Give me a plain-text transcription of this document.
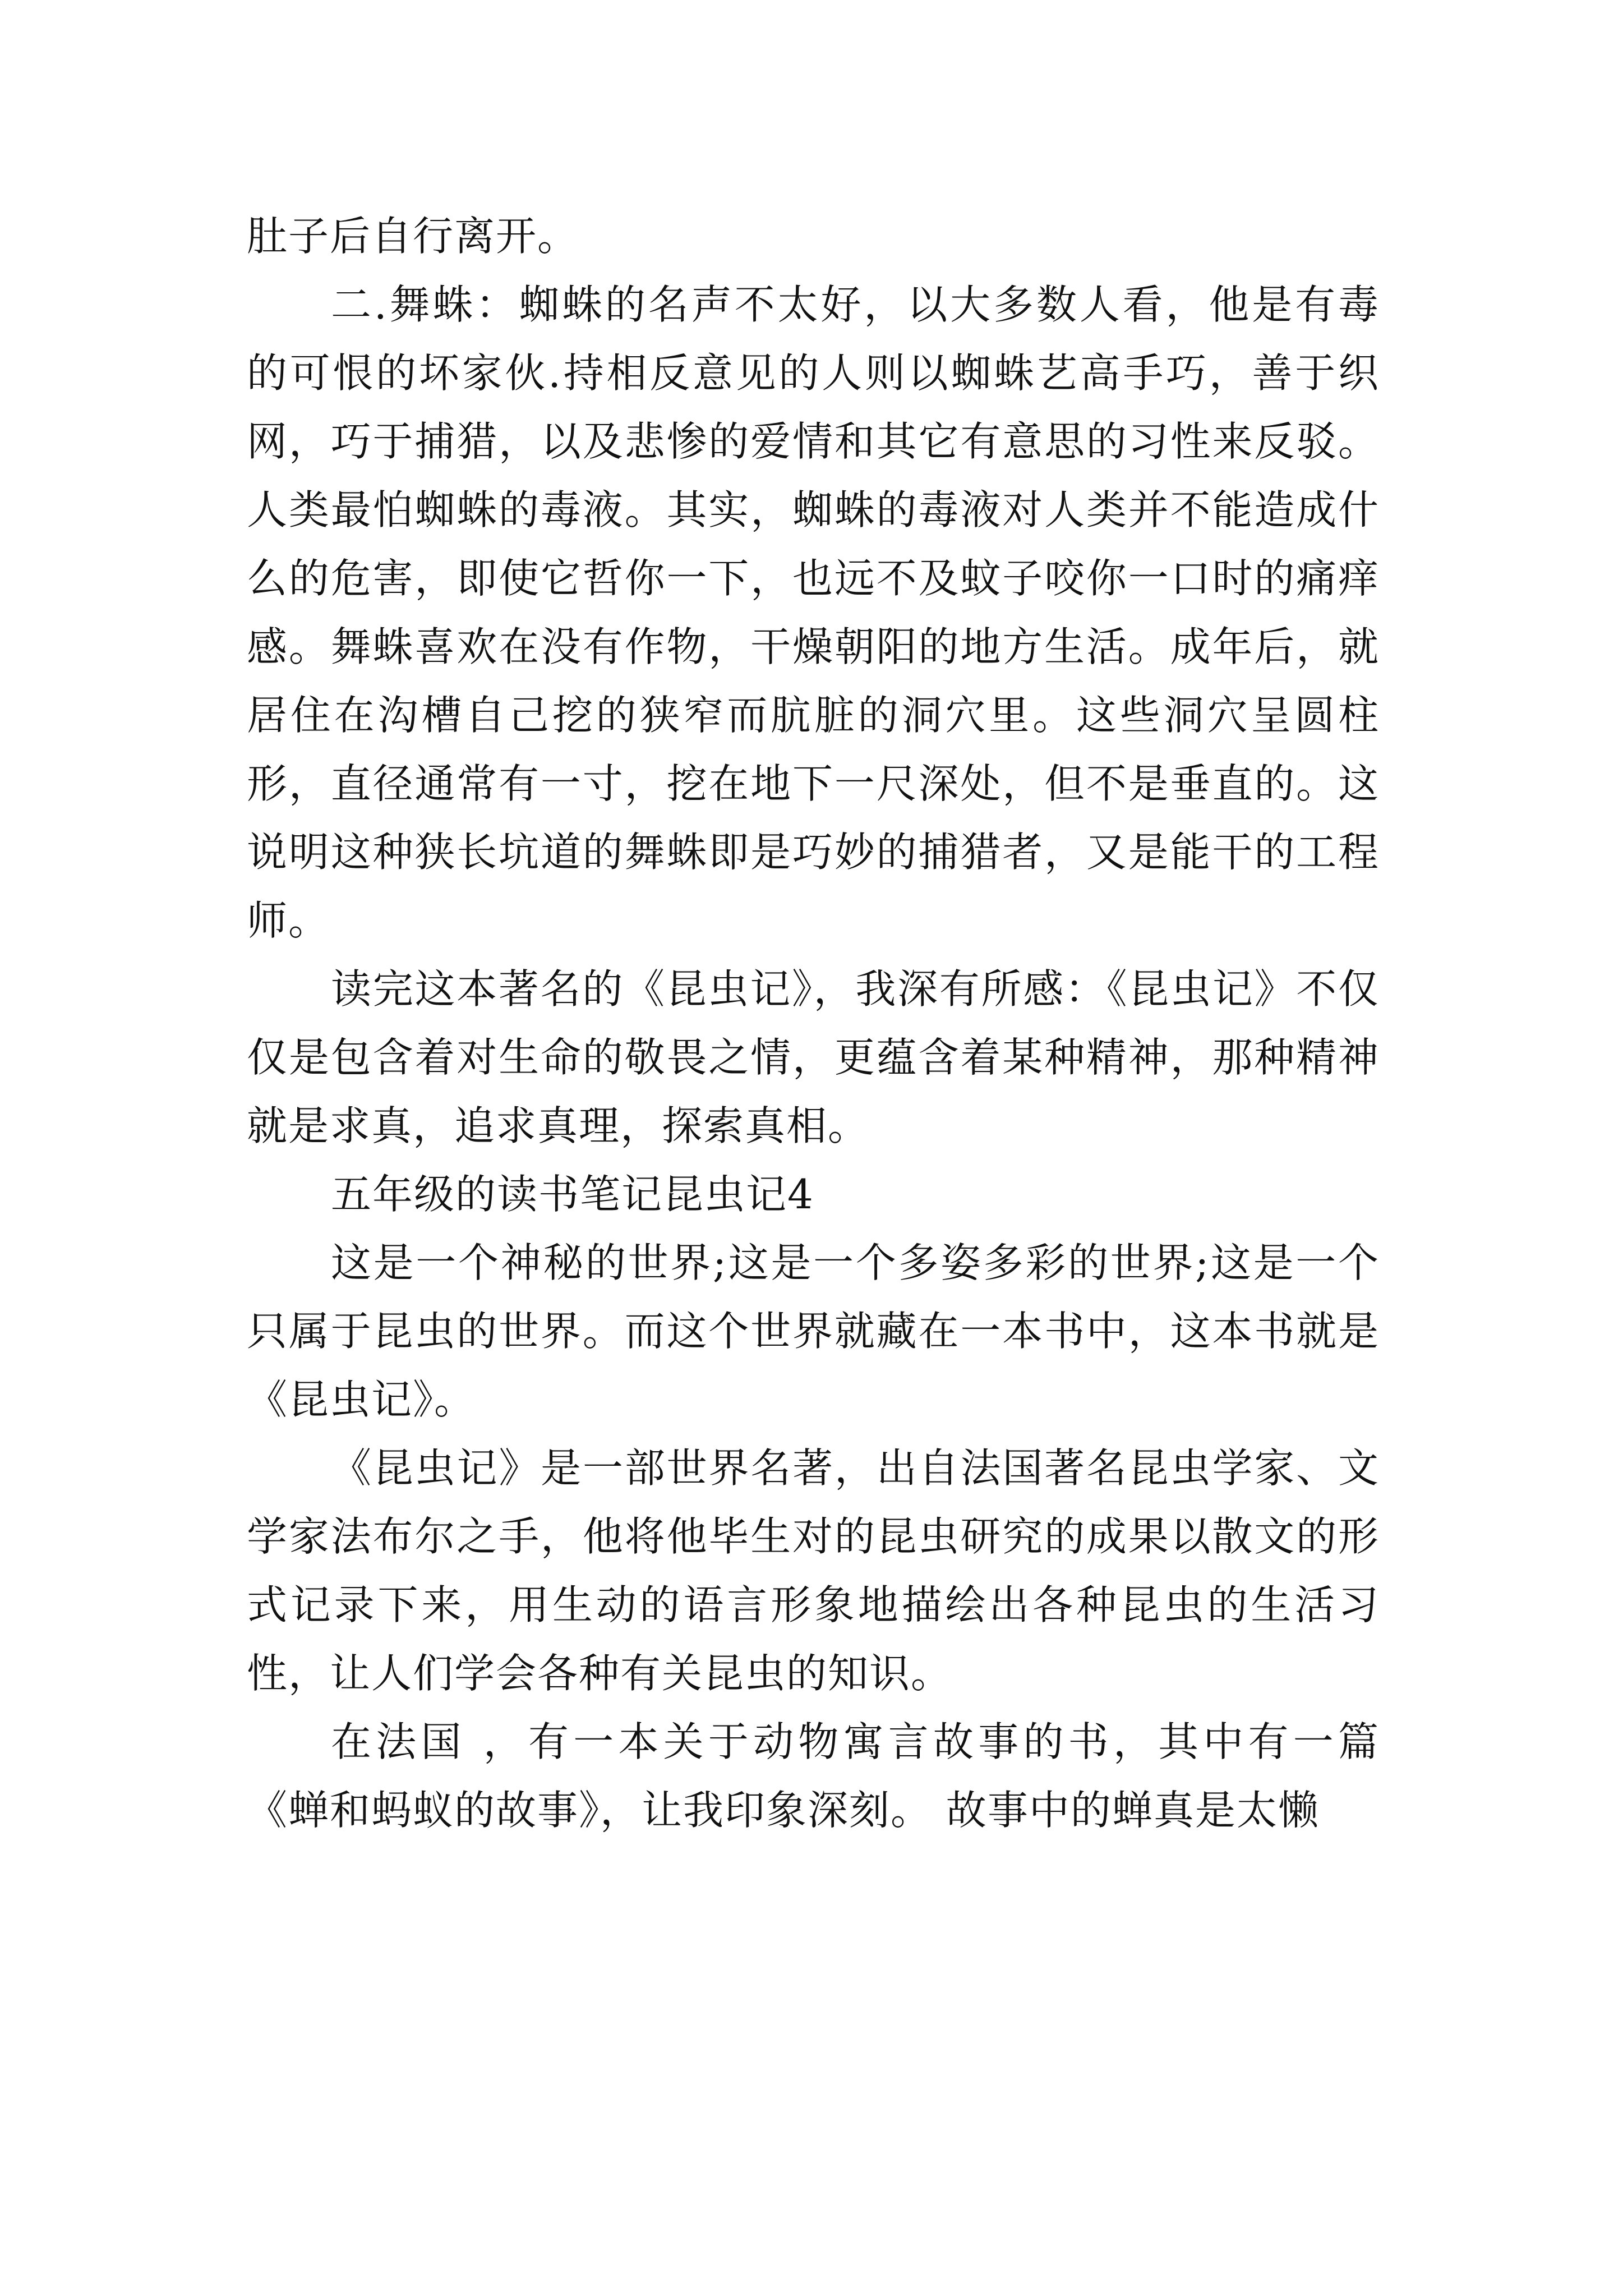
肚子后自行离开。

二.舞蛛：蜘蛛的名声不太好，以大多数人看，他是有毒的可恨的坏家伙.持相反意见的人则以蜘蛛艺高手巧，善于织网，巧于捕猎，以及悲惨的爱情和其它有意思的习性来反驳。人类最怕蜘蛛的毒液。其实，蜘蛛的毒液对人类并不能造成什么的危害，即使它哲你一下，也远不及蚊子咬你一口时的痛痒感。舞蛛喜欢在没有作物，干燥朝阳的地方生活。成年后，就居住在沟槽自己挖的狭窄而肮脏的洞穴里。这些洞穴呈圆柱形，直径通常有一寸，挖在地下一尺深处，但不是垂直的。这说明这种狭长坑道的舞蛛即是巧妙的捕猎者，又是能干的工程师。

读完这本著名的《昆虫记》，我深有所感：《昆虫记》不仅仅是包含着对生命的敬畏之情，更蕴含着某种精神，那种精神就是求真，追求真理，探索真相。

五年级的读书笔记昆虫记4

这是一个神秘的世界;这是一个多姿多彩的世界;这是一个只属于昆虫的世界。而这个世界就藏在一本书中，这本书就是《昆虫记》。

《昆虫记》是一部世界名著，出自法国著名昆虫学家、文学家法布尔之手，他将他毕生对的昆虫研究的成果以散文的形式记录下来，用生动的语言形象地描绘出各种昆虫的生活习性，让人们学会各种有关昆虫的知识。

在法国 ，有一本关于动物寓言故事的书，其中有一篇《蝉和蚂蚁的故事》，让我印象深刻。 故事中的蝉真是太懒
